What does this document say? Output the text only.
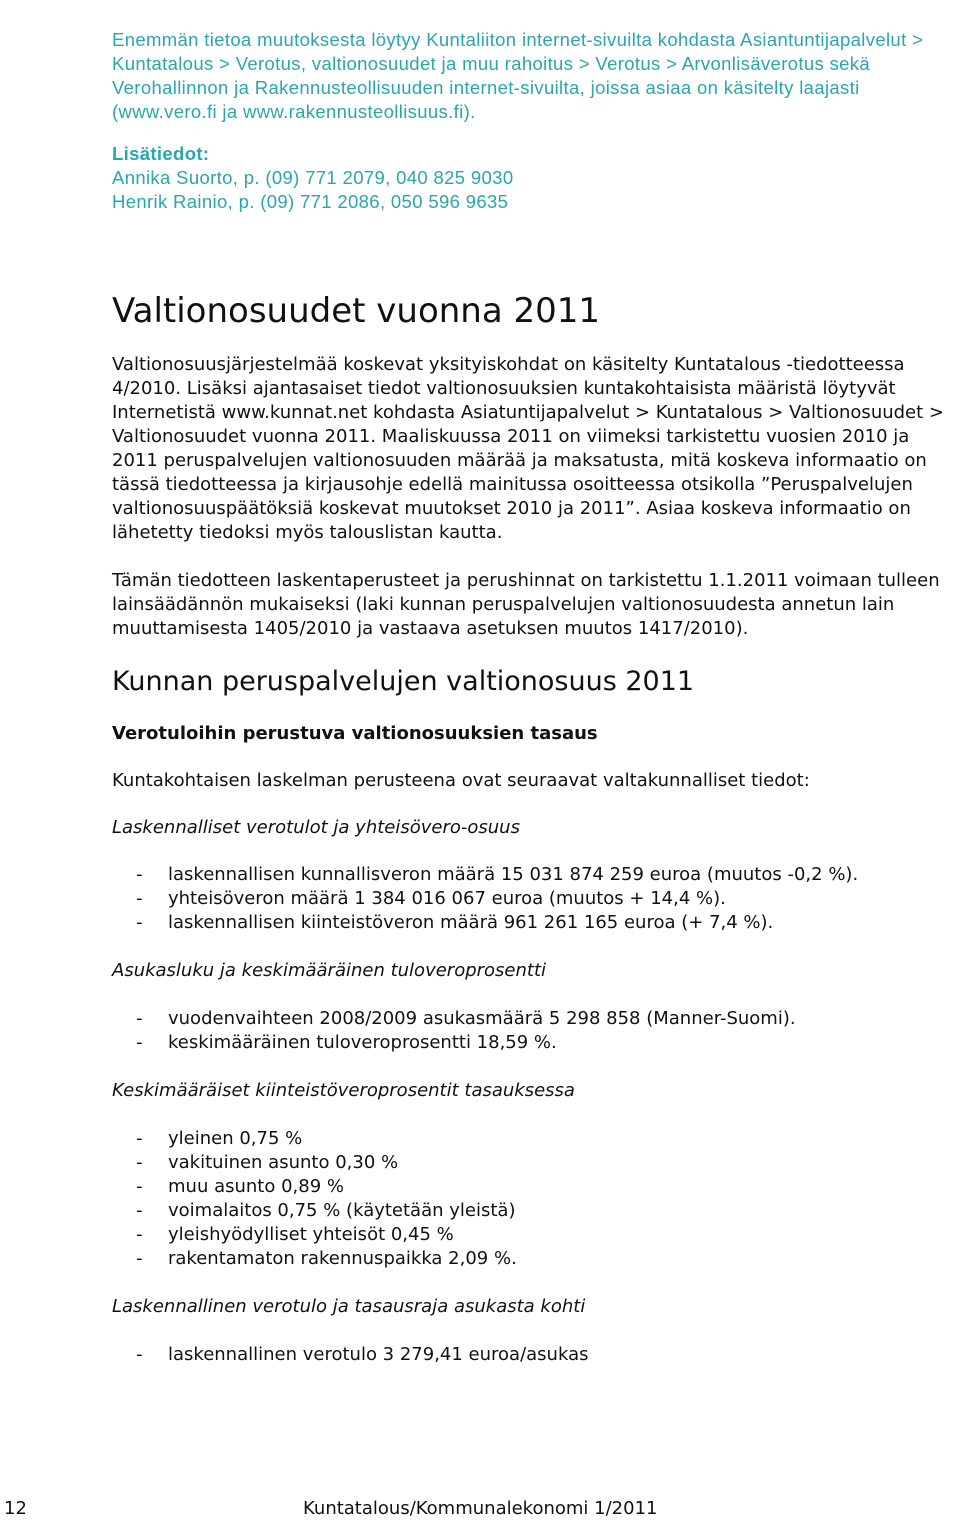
Enemmän tietoa muutoksesta löytyy Kuntaliiton internet-sivuilta kohdasta Asiantuntijapalvelut > Kuntatalous > Verotus, valtionosuudet ja muu rahoitus > Verotus > Arvonlisäverotus sekä Verohallinnon ja Rakennusteollisuuden internet-sivuilta, joissa asiaa on käsitelty laajasti (www.vero.fi ja www.rakennusteollisuus.fi).

Lisätiedot:

Annika Suorto, p. (09) 771 2079, 040 825 9030

Henrik Rainio, p. (09) 771 2086, 050 596 9635

Valtionosuudet vuonna 2011

Valtionosuusjärjestelmää koskevat yksityiskohdat on käsitelty Kuntatalous -tiedotteessa 4/2010. Lisäksi ajantasaiset tiedot valtionosuuksien kuntakohtaisista määristä löytyvät Internetistä www.kunnat.net kohdasta Asiatuntijapalvelut > Kuntatalous > Valtionosuudet > Valtionosuudet vuonna 2011. Maaliskuussa 2011 on viimeksi tarkistettu vuosien 2010 ja 2011 peruspalvelujen valtionosuuden määrää ja maksatusta, mitä koskeva informaatio on tässä tiedotteessa ja kirjausohje edellä mainitussa osoitteessa otsikolla ”Peruspalvelujen valtionosuuspäätöksiä koskevat muutokset 2010 ja 2011”. Asiaa koskeva informaatio on lähetetty tiedoksi myös talouslistan kautta.

Tämän tiedotteen laskentaperusteet ja perushinnat on tarkistettu 1.1.2011 voimaan tulleen lainsäädännön mukaiseksi (laki kunnan peruspalvelujen valtionosuudesta annetun lain muuttamisesta 1405/2010 ja vastaava asetuksen muutos 1417/2010).

Kunnan peruspalvelujen valtionosuus 2011

Verotuloihin perustuva valtionosuuksien tasaus

Kuntakohtaisen laskelman perusteena ovat seuraavat valtakunnalliset tiedot:

Laskennalliset verotulot ja yhteisövero-osuus

- laskennallisen kunnallisveron määrä 15 031 874 259 euroa (muutos -0,2 %).
- yhteisöveron määrä 1 384 016 067 euroa (muutos + 14,4 %).
- laskennallisen kiinteistöveron määrä 961 261 165 euroa (+ 7,4 %).

Asukasluku ja keskimääräinen tuloveroprosentti

- vuodenvaihteen 2008/2009 asukasmäärä 5 298 858 (Manner-Suomi).
- keskimääräinen tuloveroprosentti 18,59 %.

Keskimääräiset kiinteistöveroprosentit tasauksessa

- yleinen 0,75 %
- vakituinen asunto 0,30 %
- muu asunto 0,89 %
- voimalaitos 0,75 % (käytetään yleistä)
- yleishyödylliset yhteisöt 0,45 %
- rakentamaton rakennuspaikka 2,09 %.

Laskennallinen verotulo ja tasausraja asukasta kohti

- laskennallinen verotulo 3 279,41 euroa/asukas
12	Kuntatalous/Kommunalekonomi 1/2011
